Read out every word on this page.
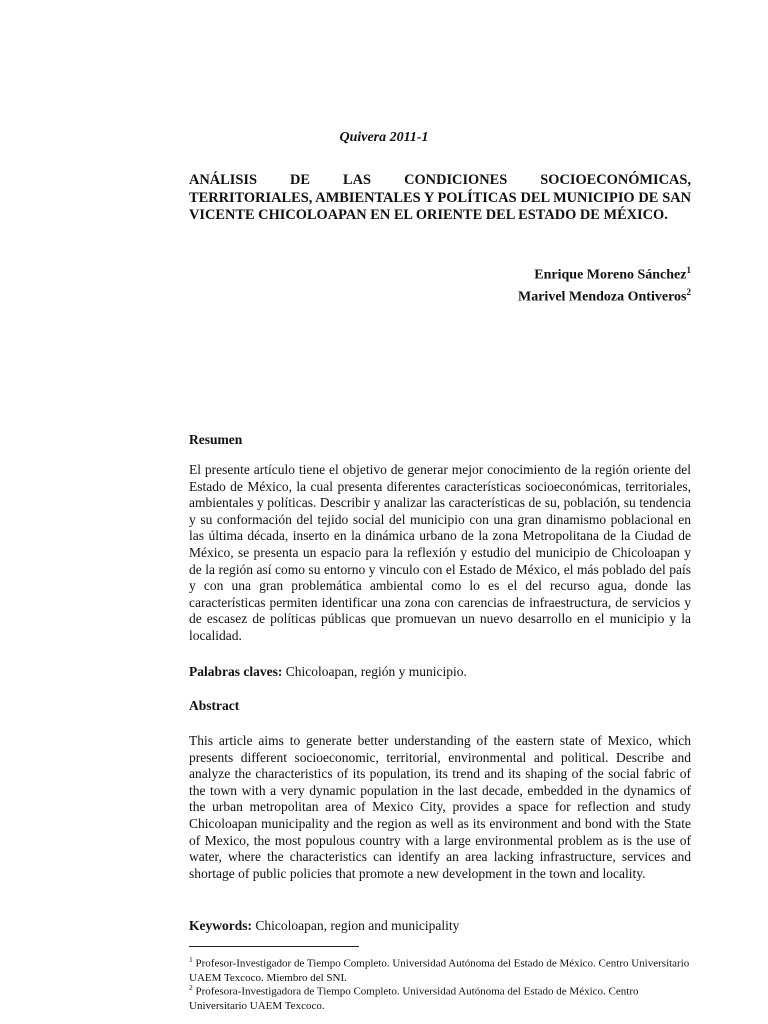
Quivera 2011-1
ANÁLISIS DE LAS CONDICIONES SOCIOECONÓMICAS, TERRITORIALES, AMBIENTALES Y POLÍTICAS DEL MUNICIPIO DE SAN VICENTE CHICOLOAPAN EN EL ORIENTE DEL ESTADO DE MÉXICO.
Enrique Moreno Sánchez$^1$
Marivel Mendoza Ontiveros$^2$
Resumen
El presente artículo tiene el objetivo de generar mejor conocimiento de la región oriente del Estado de México, la cual presenta diferentes características socioeconómicas, territoriales, ambientales y políticas. Describir y analizar las características de su, población, su tendencia y su conformación del tejido social del municipio con una gran dinamismo poblacional en las última década, inserto en la dinámica urbano de la zona Metropolitana de la Ciudad de México, se presenta un espacio para la reflexión y estudio del municipio de Chicoloapan y de la región así como su entorno y vinculo con el Estado de México, el más poblado del país y con una gran problemática ambiental como lo es el del recurso agua, donde las características permiten identificar una zona con carencias de infraestructura, de servicios y de escasez de políticas públicas que promuevan un nuevo desarrollo en el municipio y la localidad.
Palabras claves: Chicoloapan, región y municipio.
Abstract
This article aims to generate better understanding of the eastern state of Mexico, which presents different socioeconomic, territorial, environmental and political. Describe and analyze the characteristics of its population, its trend and its shaping of the social fabric of the town with a very dynamic population in the last decade, embedded in the dynamics of the urban metropolitan area of Mexico City, provides a space for reflection and study Chicoloapan municipality and the region as well as its environment and bond with the State of Mexico, the most populous country with a large environmental problem as is the use of water, where the characteristics can identify an area lacking infrastructure, services and shortage of public policies that promote a new development in the town and locality.
Keywords: Chicoloapan, region and municipality
$^1$ Profesor-Investigador de Tiempo Completo. Universidad Autónoma del Estado de México. Centro Universitario UAEM Texcoco. Miembro del SNI.
$^2$ Profesora-Investigadora de Tiempo Completo. Universidad Autónoma del Estado de México. Centro Universitario UAEM Texcoco.
